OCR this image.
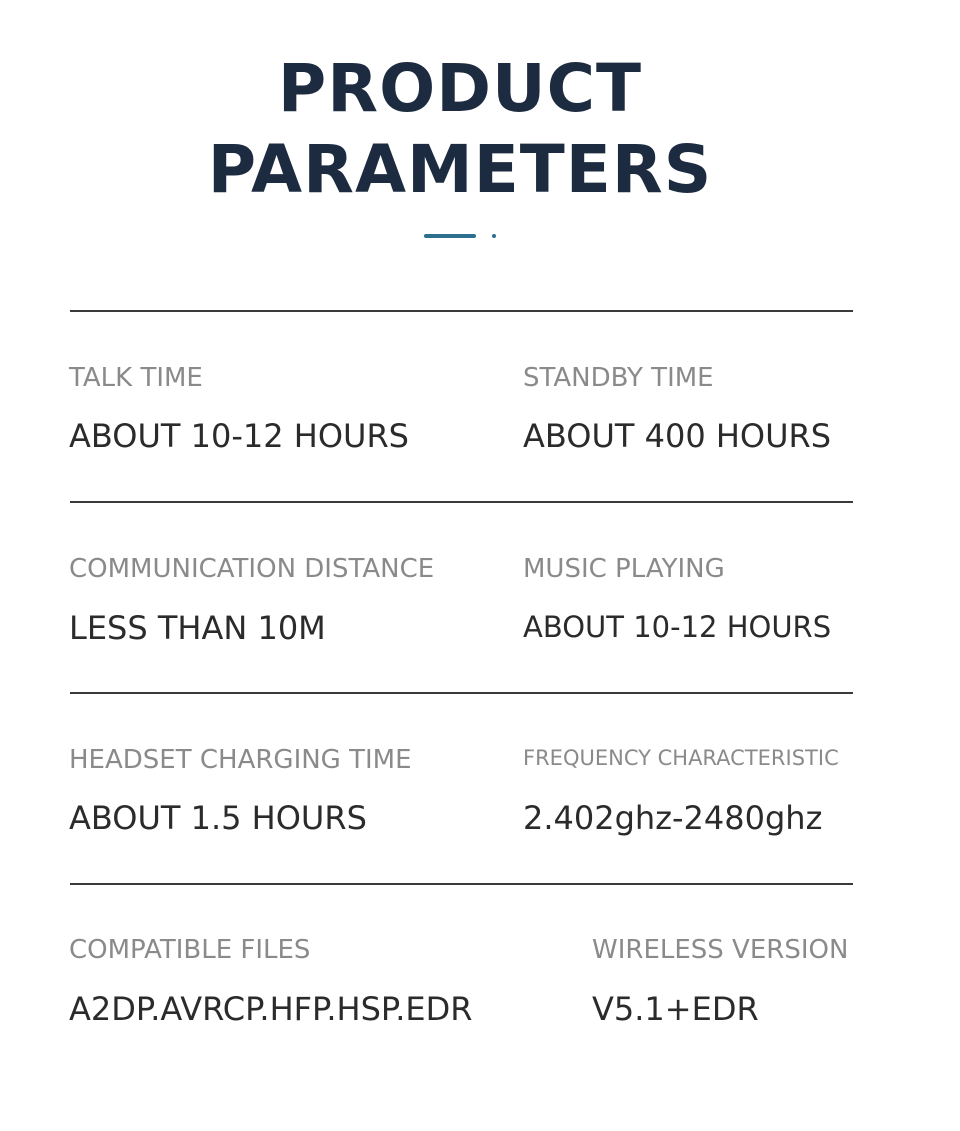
PRODUCT
PARAMETERS
TALK TIME
ABOUT 10-12 HOURS
STANDBY TIME
ABOUT 400 HOURS
COMMUNICATION DISTANCE
LESS THAN 10M
MUSIC PLAYING
ABOUT 10-12 HOURS
HEADSET CHARGING TIME
ABOUT 1.5 HOURS
FREQUENCY CHARACTERISTIC
2.402ghz-2480ghz
COMPATIBLE FILES
A2DP.AVRCP.HFP.HSP.EDR
WIRELESS VERSION
V5.1+EDR
